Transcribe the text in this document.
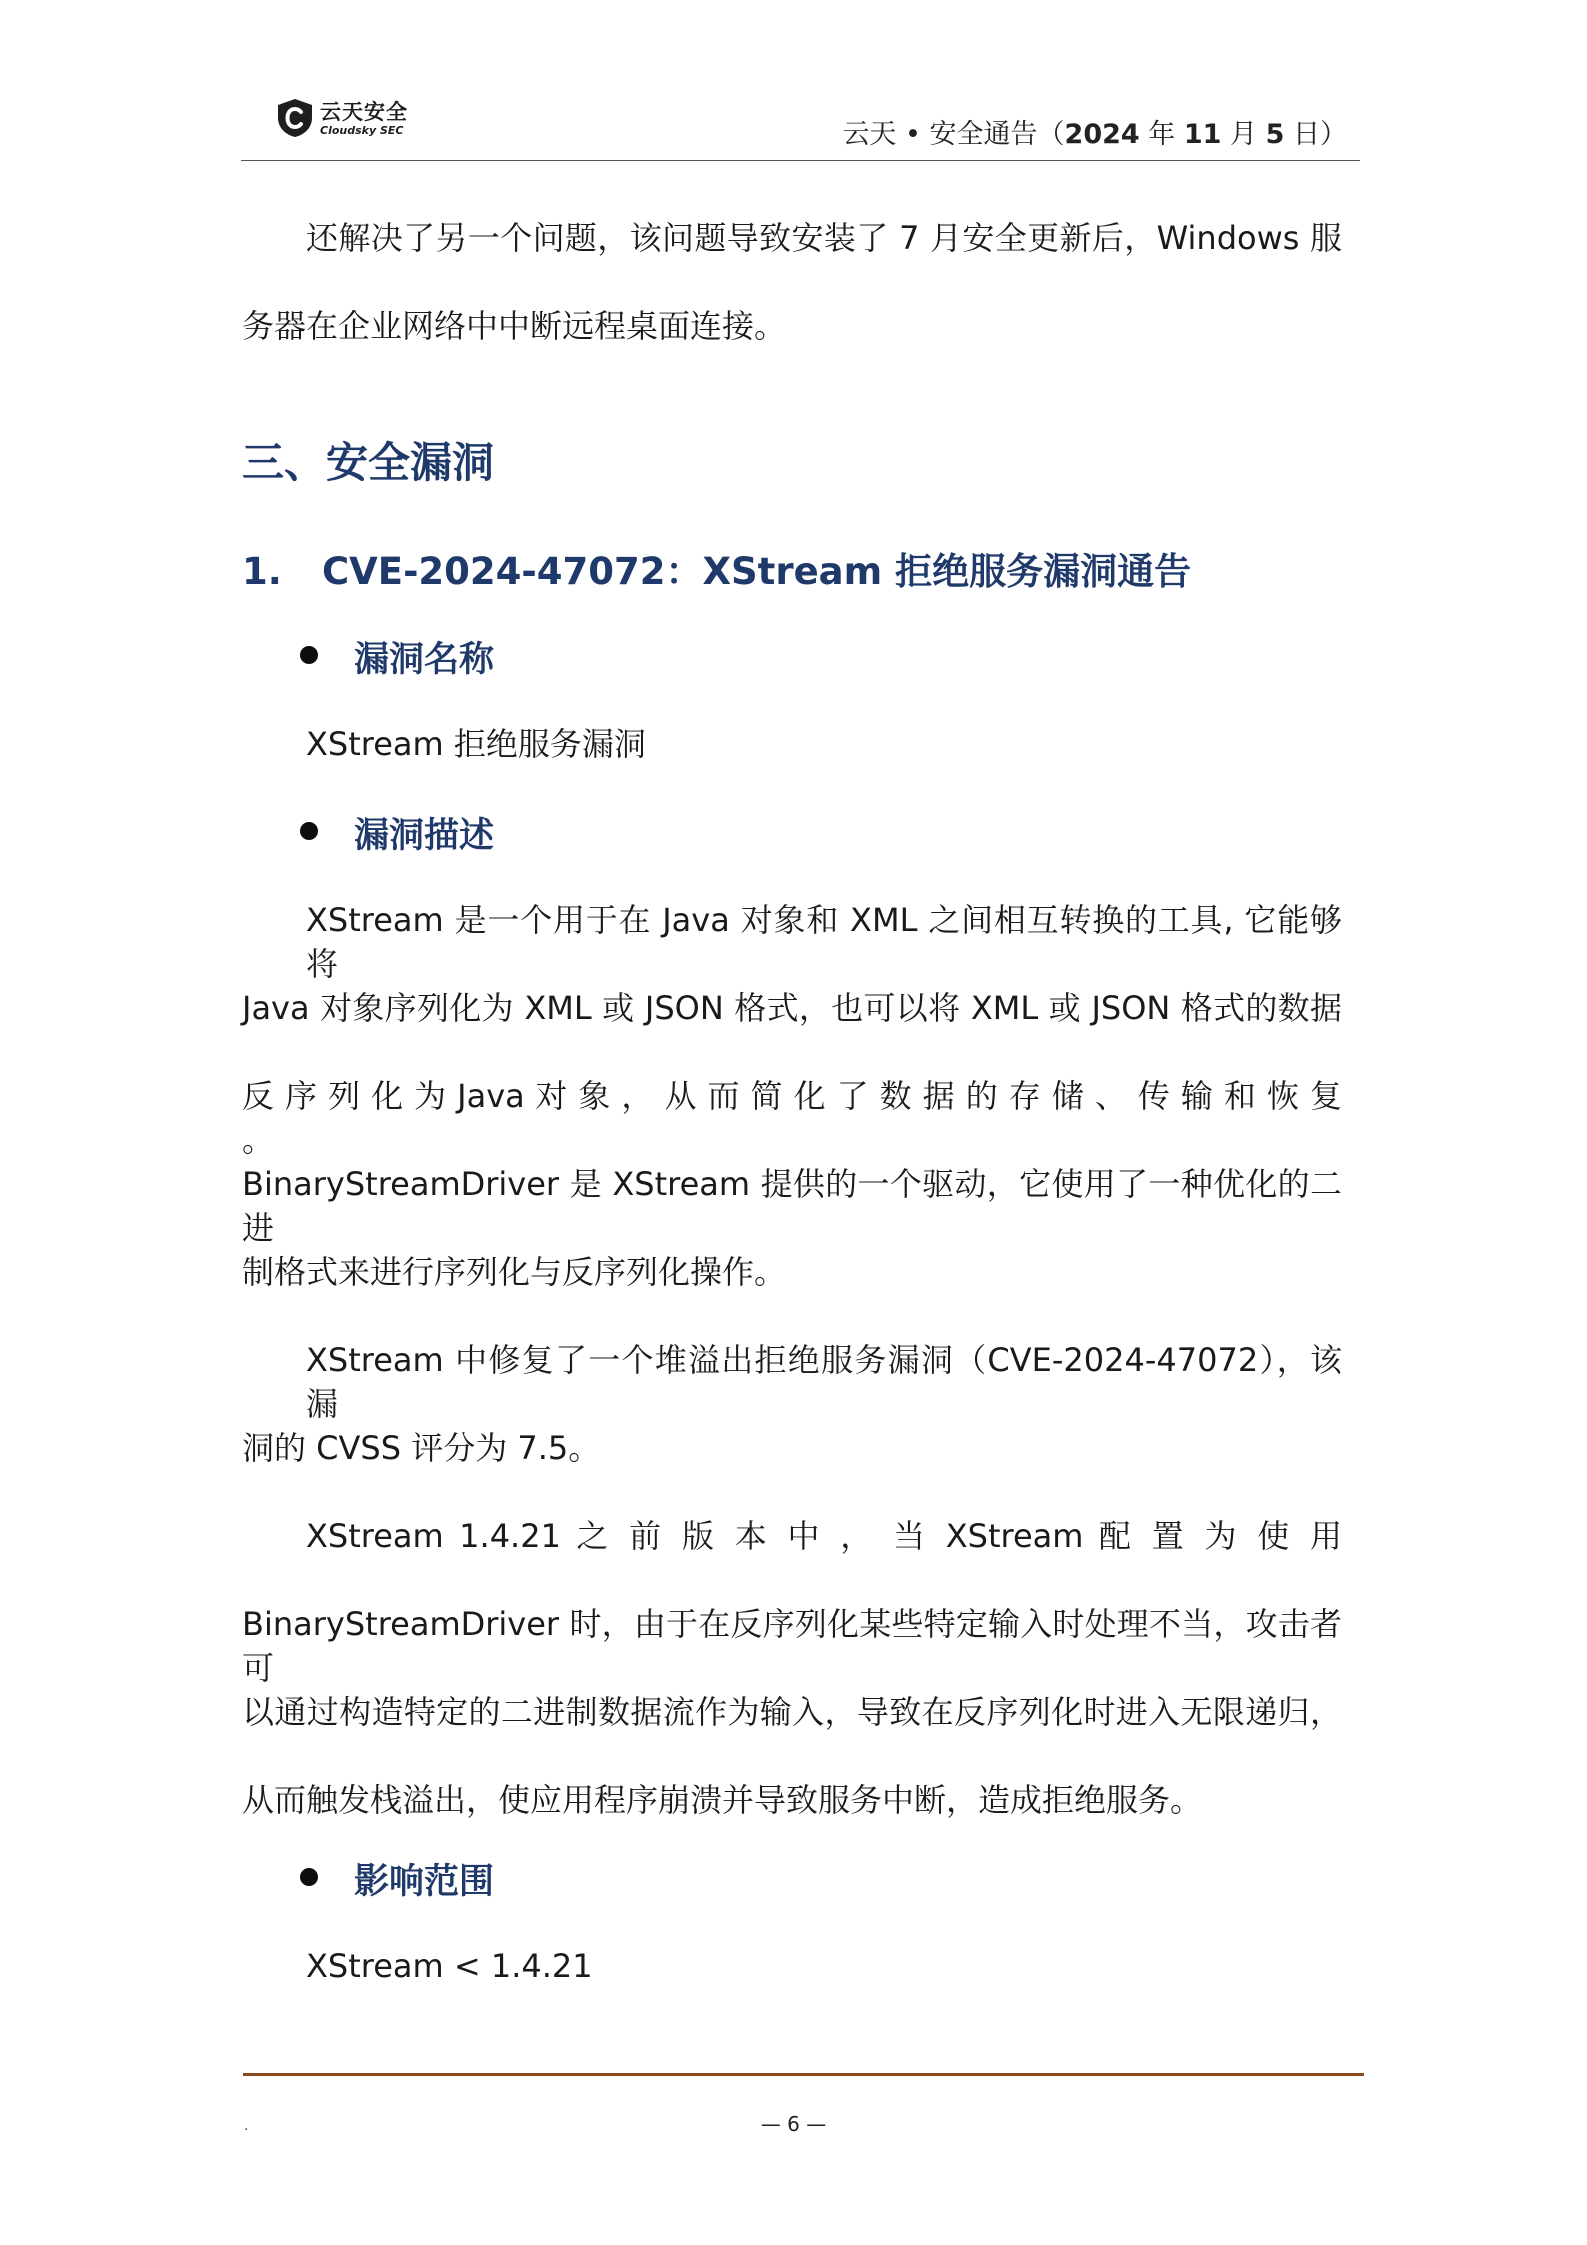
云天安全
Cloudsky SEC	云天 • 安全通告（2024 年 11 月 5 日）
还解决了另一个问题，该问题导致安装了 7 月安全更新后，Windows 服
务器在企业网络中中断远程桌面连接。
三、安全漏洞
1. CVE-2024-47072：XStream 拒绝服务漏洞通告
漏洞名称
XStream 拒绝服务漏洞
漏洞描述
XStream 是一个用于在 Java 对象和 XML 之间相互转换的工具, 它能够将
Java 对象序列化为 XML 或 JSON 格式，也可以将 XML 或 JSON 格式的数据
反 序 列 化 为 Java 对 象 ， 从 而 简 化 了 数 据 的 存 储 、 传 输 和 恢 复 。
BinaryStreamDriver 是 XStream 提供的一个驱动，它使用了一种优化的二进
制格式来进行序列化与反序列化操作。
XStream 中修复了一个堆溢出拒绝服务漏洞（CVE-2024-47072），该漏
洞的 CVSS 评分为 7.5。
XStream 1.4.21 之 前 版 本 中 ， 当 XStream 配 置 为 使 用
BinaryStreamDriver 时，由于在反序列化某些特定输入时处理不当，攻击者可
以通过构造特定的二进制数据流作为输入，导致在反序列化时进入无限递归，
从而触发栈溢出，使应用程序崩溃并导致服务中断，造成拒绝服务。
影响范围
XStream < 1.4.21
.	— 6 —
